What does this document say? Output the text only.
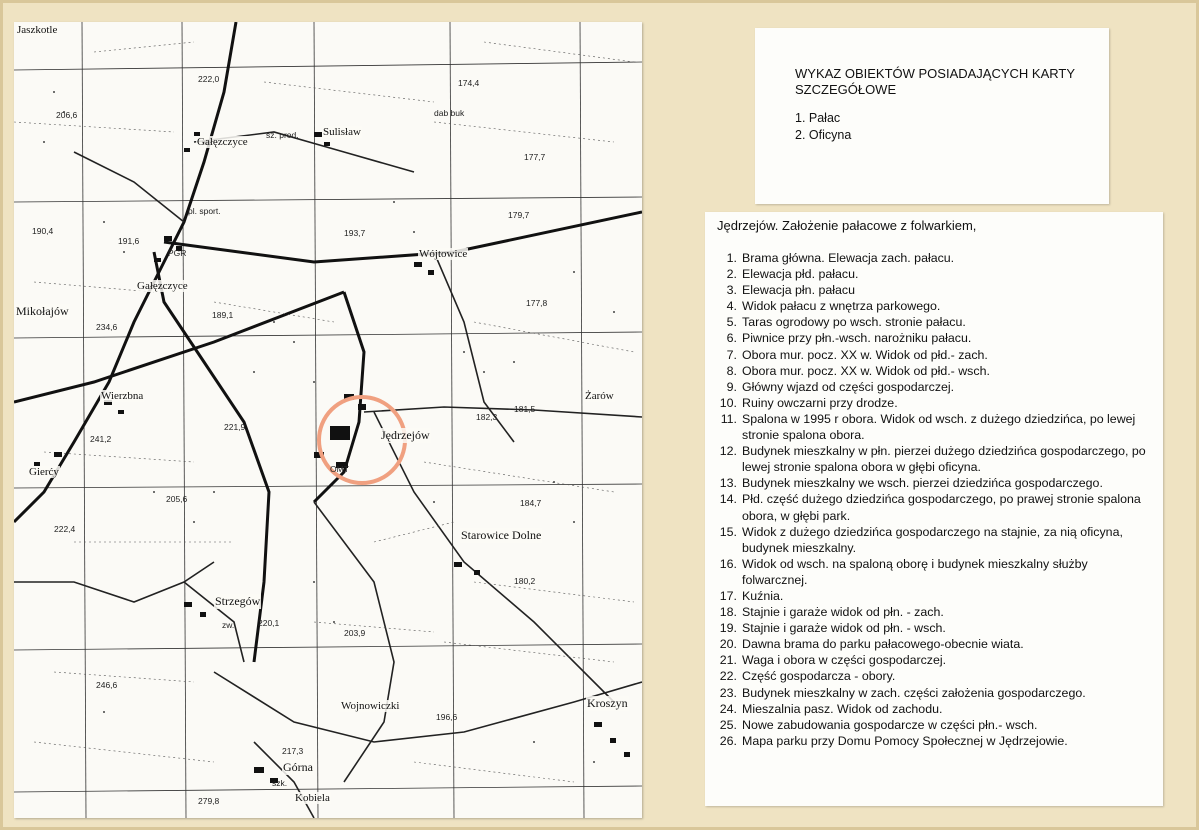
Gałęzczyce
Sulisław
Gałęzczyce
Mikołajów
Wójtowice
Wierzbna
Jędrzejów
Żarów
Gierćy
Starowice Dolne
Strzegów
Wojnowiczki	Kroszyn
Górna
Kobiela
Jaszkotle
222,0
206,6
174,4
177,7
179,7
190,4
191,6
193,7
189,1
234,6
177,8
181,5
182,3
221,9
241,2
205,6
222,4
184,7
180,2
220,1
203,9
246,6
196,6
217,3
279,8
PGR
OMT
pl. sport.
zw.
szk.
dab buk
sz. prod.
WYKAZ OBIEKTÓW POSIADAJĄCYCH KARTY SZCZEGÓŁOWE
1. Pałac
2. Oficyna
Jędrzejów. Założenie pałacowe z folwarkiem,
1. Brama główna. Elewacja zach. pałacu.
2. Elewacja płd. pałacu.
3. Elewacja płn. pałacu
4. Widok pałacu z wnętrza parkowego.
5. Taras ogrodowy po wsch. stronie pałacu.
6. Piwnice przy płn.-wsch. narożniku pałacu.
7. Obora mur. pocz. XX w. Widok od płd.- zach.
8. Obora mur. pocz. XX w. Widok od płd.- wsch.
9. Główny wjazd od części gospodarczej.
10. Ruiny owczarni przy drodze.
11. Spalona w 1995 r obora. Widok od wsch. z dużego dziedzińca, po lewej stronie spalona obora.
12. Budynek mieszkalny w płn. pierzei dużego dziedzińca gospodarczego, po lewej stronie spalona obora w głębi oficyna.
13. Budynek mieszkalny we wsch. pierzei dziedzińca gospodarczego.
14. Płd. część dużego dziedzińca gospodarczego, po prawej stronie spalona obora, w głębi park.
15. Widok z dużego dziedzińca gospodarczego na stajnie, za nią oficyna, budynek mieszkalny.
16. Widok od wsch. na spaloną oborę i budynek mieszkalny służby folwarcznej.
17. Kuźnia.
18. Stajnie i garaże widok od płn. - zach.
19. Stajnie i garaże widok od płn. - wsch.
20. Dawna brama do parku pałacowego-obecnie wiata.
21. Waga i obora w części gospodarczej.
22. Część gospodarcza - obory.
23. Budynek mieszkalny w zach. części założenia gospodarczego.
24. Mieszalnia pasz. Widok od zachodu.
25. Nowe zabudowania gospodarcze w części płn.- wsch.
26. Mapa parku przy Domu Pomocy Społecznej w Jędrzejowie.
